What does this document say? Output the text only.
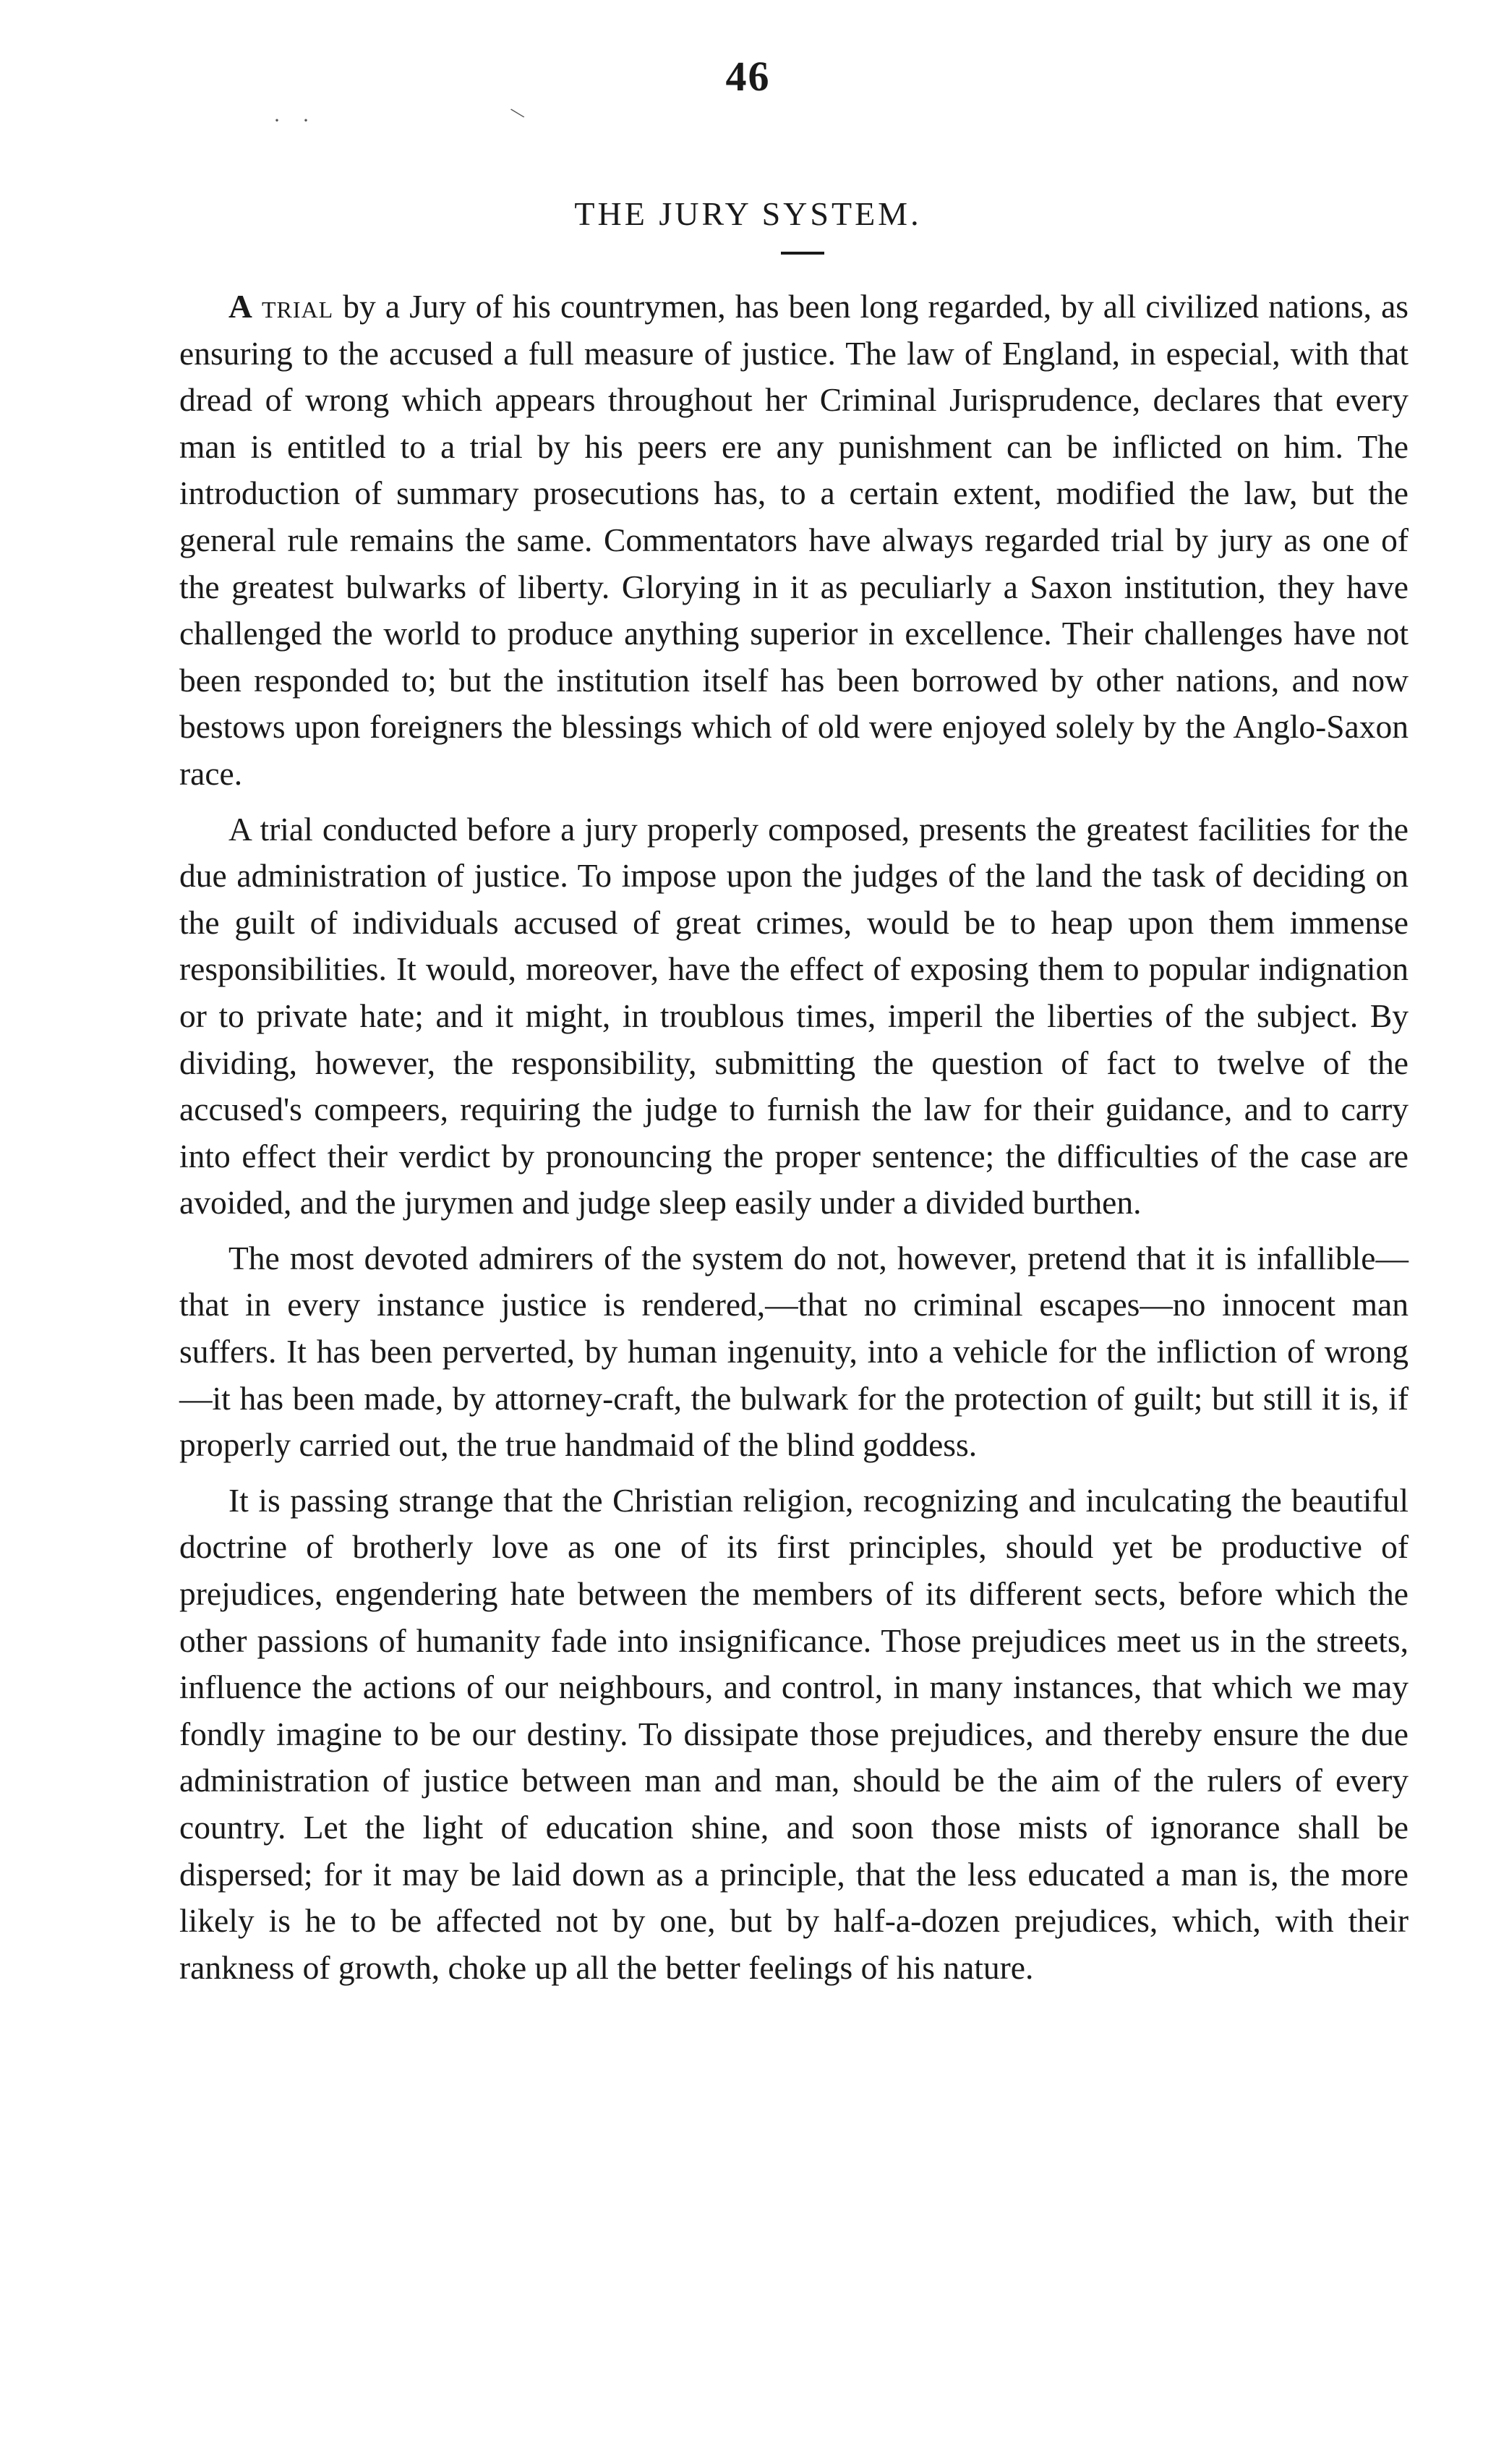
46
· ·	\
THE JURY SYSTEM.

A trial by a Jury of his countrymen, has been long regarded, by all civilized nations, as ensuring to the accused a full measure of justice. The law of England, in especial, with that dread of wrong which appears throughout her Criminal Jurisprudence, declares that every man is entitled to a trial by his peers ere any punishment can be inflicted on him. The introduction of summary prosecutions has, to a certain extent, modified the law, but the general rule remains the same. Commentators have always regarded trial by jury as one of the greatest bulwarks of liberty. Glorying in it as peculiarly a Saxon institution, they have challenged the world to produce anything superior in excellence. Their challenges have not been responded to; but the institution itself has been borrowed by other nations, and now bestows upon foreigners the blessings which of old were enjoyed solely by the Anglo-Saxon race.

A trial conducted before a jury properly composed, presents the greatest facilities for the due administration of justice. To impose upon the judges of the land the task of deciding on the guilt of individuals accused of great crimes, would be to heap upon them immense responsibilities. It would, moreover, have the effect of exposing them to popular indignation or to private hate; and it might, in troublous times, imperil the liberties of the subject. By dividing, however, the responsibility, submitting the question of fact to twelve of the accused's compeers, requiring the judge to furnish the law for their guidance, and to carry into effect their verdict by pronouncing the proper sentence; the difficulties of the case are avoided, and the jurymen and judge sleep easily under a divided burthen.

The most devoted admirers of the system do not, however, pretend that it is infallible—that in every instance justice is rendered,—that no criminal escapes—no innocent man suffers. It has been perverted, by human ingenuity, into a vehicle for the infliction of wrong—it has been made, by attorney-craft, the bulwark for the protection of guilt; but still it is, if properly carried out, the true handmaid of the blind goddess.

It is passing strange that the Christian religion, recognizing and inculcating the beautiful doctrine of brotherly love as one of its first principles, should yet be productive of prejudices, engendering hate between the members of its different sects, before which the other passions of humanity fade into insignificance. Those prejudices meet us in the streets, influence the actions of our neighbours, and control, in many instances, that which we may fondly imagine to be our destiny. To dissipate those prejudices, and thereby ensure the due administration of justice between man and man, should be the aim of the rulers of every country. Let the light of education shine, and soon those mists of ignorance shall be dispersed; for it may be laid down as a principle, that the less educated a man is, the more likely is he to be affected not by one, but by half-a-dozen prejudices, which, with their rankness of growth, choke up all the better feelings of his nature.
